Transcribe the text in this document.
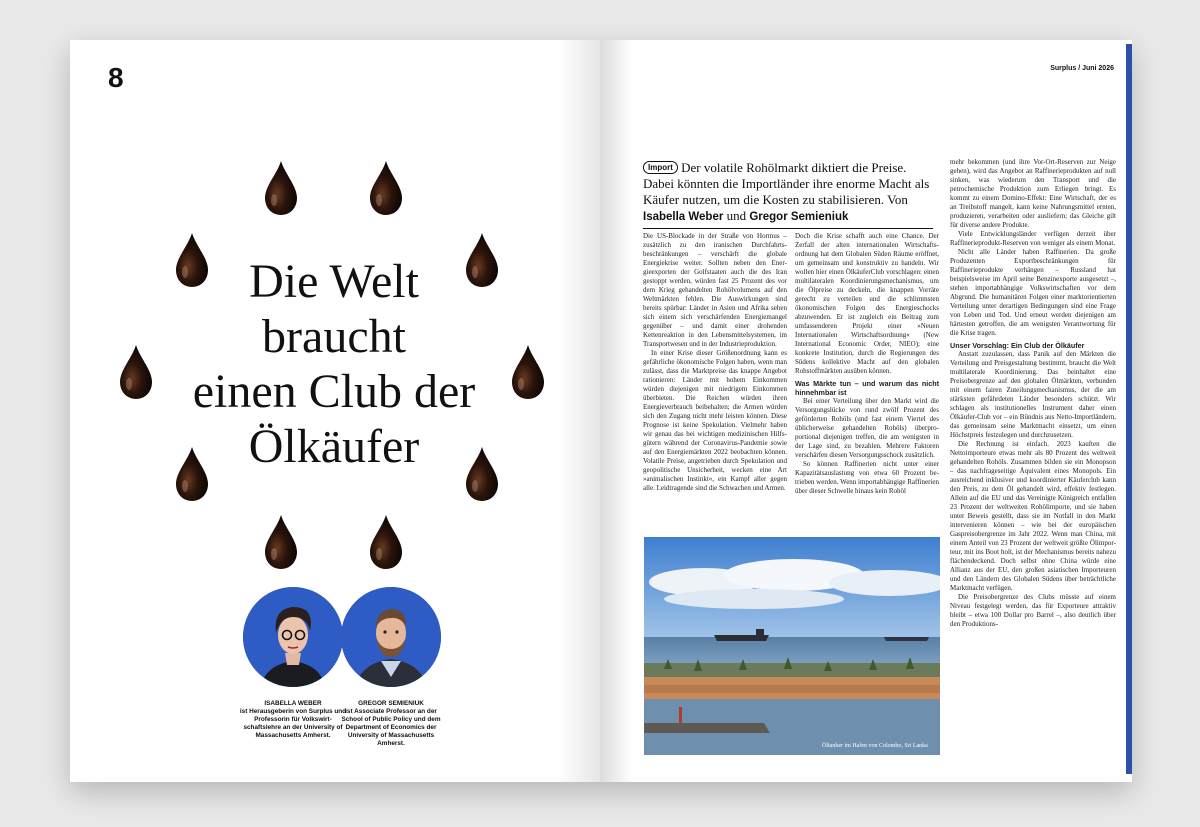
8
Die Welt
braucht
einen Club der
Ölkäufer
ISABELLA WEBER
ist Herausgeberin von Surplus und Professorin für Volkswirtschaftslehre an der University of Massachusetts Amherst.
GREGOR SEMIENIUK
ist Associate Professor an der School of Public Policy und dem Department of Economics der University of Massachusetts Amherst.
Surplus / Juni 2026
Import Der volatile Rohölmarkt diktiert die Preise. Dabei könnten die Importländer ihre enorme Macht als Käufer nutzen, um die Kosten zu stabilisieren. Von Isabella Weber und Gregor Semieniuk

Die US-Blockade in der Straße von Hormus – zusätzlich zu den iranischen Durchfahrtsbeschränkungen – verschärft die globale Energiekrise weiter. Sollten neben den Energieexporten der Golfstaaten auch die des Iran gestoppt werden, würden fast 25 Prozent des vor dem Krieg gehandelten Rohölvolumens auf den Weltmärkten fehlen. Die Auswirkungen sind bereits spürbar: Länder in Asien und Afrika sehen sich einem sich verschärfenden Energiemangel gegenüber – und damit einer drohenden Kettenreaktion in den Lebensmittelsystemen, im Transportwesen und in der Industrieproduktion.

In einer Krise dieser Größenordnung kann es gefährliche ökonomische Folgen haben, wenn man zulässt, dass die Marktpreise das knappe Angebot rationieren: Länder mit hohem Einkommen würden diejenigen mit niedrigem Einkommen überbieten. Die Reichen würden ihren Energieverbrauch beibehalten; die Armen würden sich den Zugang nicht mehr leisten können. Diese Prognose ist keine Spekulation. Vielmehr haben wir genau das bei wichtigen medizinischen Hilfsgütern während der Coronavirus-Pandemie sowie auf den Energiemärkten 2022 beobachten können. Volatile Preise, angetrieben durch Spekulation und geopolitische Unsicherheit, wecken eine Art »animalischen Instinkt«, ein Kampf aller gegen alle. Leidtragende sind die Schwachen und Armen.

Doch die Krise schafft auch eine Chance. Der Zerfall der alten internationalen Wirtschaftsordnung hat dem Globalen Süden Räume eröffnet, um gemeinsam und konstruktiv zu handeln. Wir wollen hier einen ÖlkäuferClub vorschlagen: einen multilateralen Koordinierungsmechanismus, um die Ölpreise zu deckeln, die knappen Vorräte gerecht zu verteilen und die schlimmsten ökonomischen Folgen des Energieschocks abzuwenden. Er ist zugleich ein Beitrag zum umfassenderen Projekt einer »Neuen Internationalen Wirtschaftsordnung« (New International Economic Order, NIEO); eine konkrete Institution, durch die Regierungen des Südens kollektive Macht auf den globalen Rohstoffmärkten ausüben können.

Was Märkte tun – und warum das nicht hinnehmbar ist

Bei einer Verteilung über den Markt wird die Versorgungslücke von rund zwölf Prozent des geförderten Rohöls (und fast einem Viertel des üblicherweise gehandelten Rohöls) überproportional diejenigen treffen, die am wenigsten in der Lage sind, zu bezahlen. Mehrere Faktoren verschärfen diesen Versorgungsschock zusätzlich.

So können Raffinerien nicht unter einer Kapazitätsauslastung von etwa 60 Prozent betrieben werden. Wenn importabhängige Raffinerien über dieser Schwelle hinaus kein Rohöl

Öltanker im Hafen von Colombo, Sri Lanka

mehr bekommen (und ihre Vor-Ort-Reserven zur Neige gehen), wird das Angebot an Raffinerieprodukten auf null sinken, was wiederum den Transport und die petrochemische Produktion zum Erliegen bringt. Es kommt zu einem Domino-Effekt: Eine Wirtschaft, der es an Treibstoff mangelt, kann keine Nahrungsmittel ernten, produzieren, verarbeiten oder ausliefern; das Gleiche gilt für diverse andere Produkte.

Viele Entwicklungsländer verfügen derzeit über Raffinerieprodukt-Reserven von weniger als einem Monat.

Nicht alle Länder haben Raffinerien. Da große Produzenten Exportbeschränkungen für Raffinerieprodukte verhängen – Russland hat beispielsweise im April seine Benzinexporte ausgesetzt –, stehen importabhängige Volkswirtschaften vor dem Abgrund. Die humanitären Folgen einer marktorientierten Verteilung unter derartigen Bedingungen sind eine Frage von Leben und Tod. Und erneut werden diejenigen am härtesten getroffen, die am wenigsten Verantwortung für die Krise tragen.

Unser Vorschlag: Ein Club der Ölkäufer

Anstatt zuzulassen, dass Panik auf den Märkten die Verteilung und Preisgestaltung bestimmt, braucht die Welt multilaterale Koordinierung. Das beinhaltet eine Preisobergrenze auf den globalen Ölmärkten, verbunden mit einem fairen Zuteilungsmechanismus, der die am stärksten gefährdeten Länder besonders schützt. Wir schlagen als institutionelles Instrument daher einen Ölkäufer-Club vor – ein Bündnis aus Netto-Importländern, das gemeinsam seine Marktmacht einsetzt, um einen Höchstpreis festzulegen und durchzusetzen.

Die Rechnung ist einfach. 2023 kauften die Nettoimporteure etwas mehr als 80 Prozent des weltweit gehandelten Rohöls. Zusammen bilden sie ein Monopson – das nachfrageseitige Äquivalent eines Monopols. Ein ausreichend inklusiver und koordinierter Käuferclub kann den Preis, zu dem Öl gehandelt wird, effektiv festlegen. Allein auf die EU und das Vereinigte Königreich entfallen 23 Prozent der weltweiten Rohölimporte, und sie haben unter Beweis gestellt, dass sie im Notfall in den Markt intervenieren können – wie bei der europäischen Gaspreisobergrenze im Jahr 2022. Wenn man China, mit einem Anteil von 23 Prozent der weltweit größte Ölimporteur, mit ins Boot holt, ist der Mechanismus bereits nahezu flächendeckend. Doch selbst ohne China würde eine Allianz aus der EU, den großen asiatischen Importeuren und den Ländern des Globalen Südens über beträchtliche Marktmacht verfügen.

Die Preisobergrenze des Clubs müsste auf einem Niveau festgelegt werden, das für Exporteure attraktiv bleibt – etwa 100 Dollar pro Barrel –, also deutlich über den Produktions-
